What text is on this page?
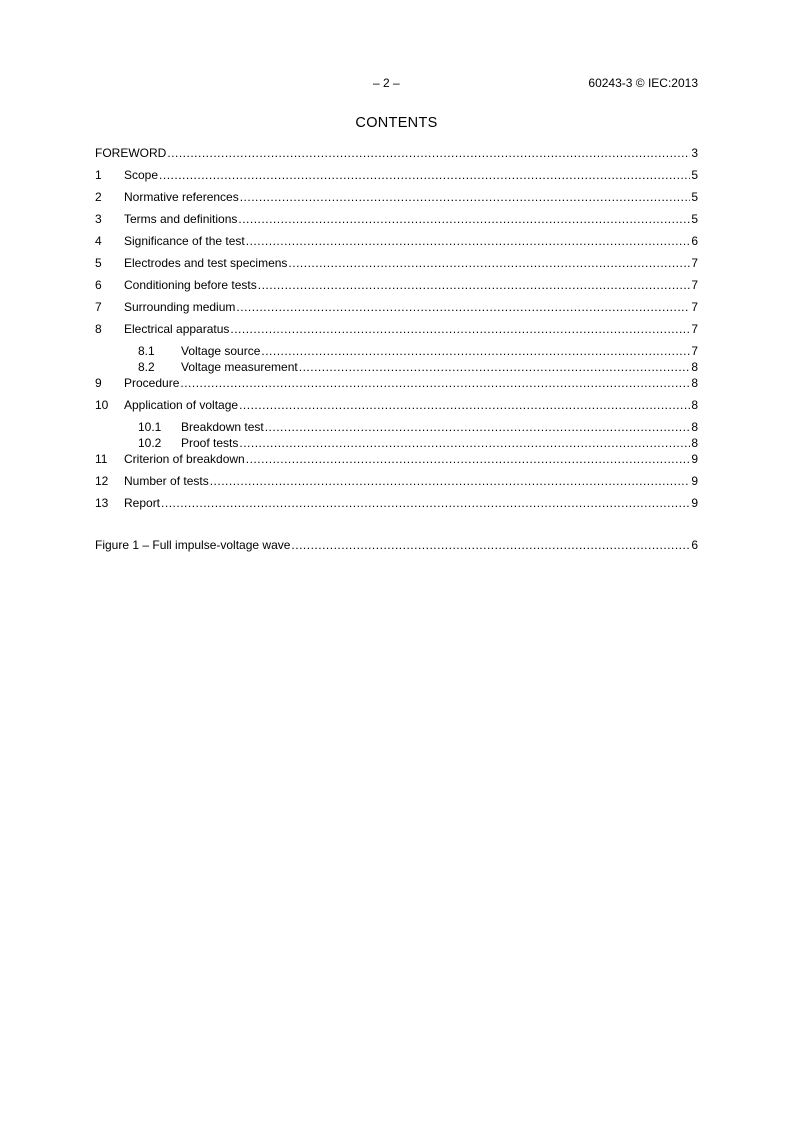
– 2 –	60243-3 © IEC:2013
CONTENTS
FOREWORD .....	3
1	Scope .....	5
2	Normative references .....	5
3	Terms and definitions .....	5
4	Significance of the test .....	6
5	Electrodes and test specimens .....	7
6	Conditioning before tests .....	7
7	Surrounding medium .....	7
8	Electrical apparatus .....	7
8.1	Voltage source .....	7
8.2	Voltage measurement .....	8
9	Procedure .....	8
10	Application of voltage .....	8
10.1	Breakdown test .....	8
10.2	Proof tests .....	8
11	Criterion of breakdown .....	9
12	Number of tests .....	9
13	Report .....	9
Figure 1 – Full impulse-voltage wave .....	6
